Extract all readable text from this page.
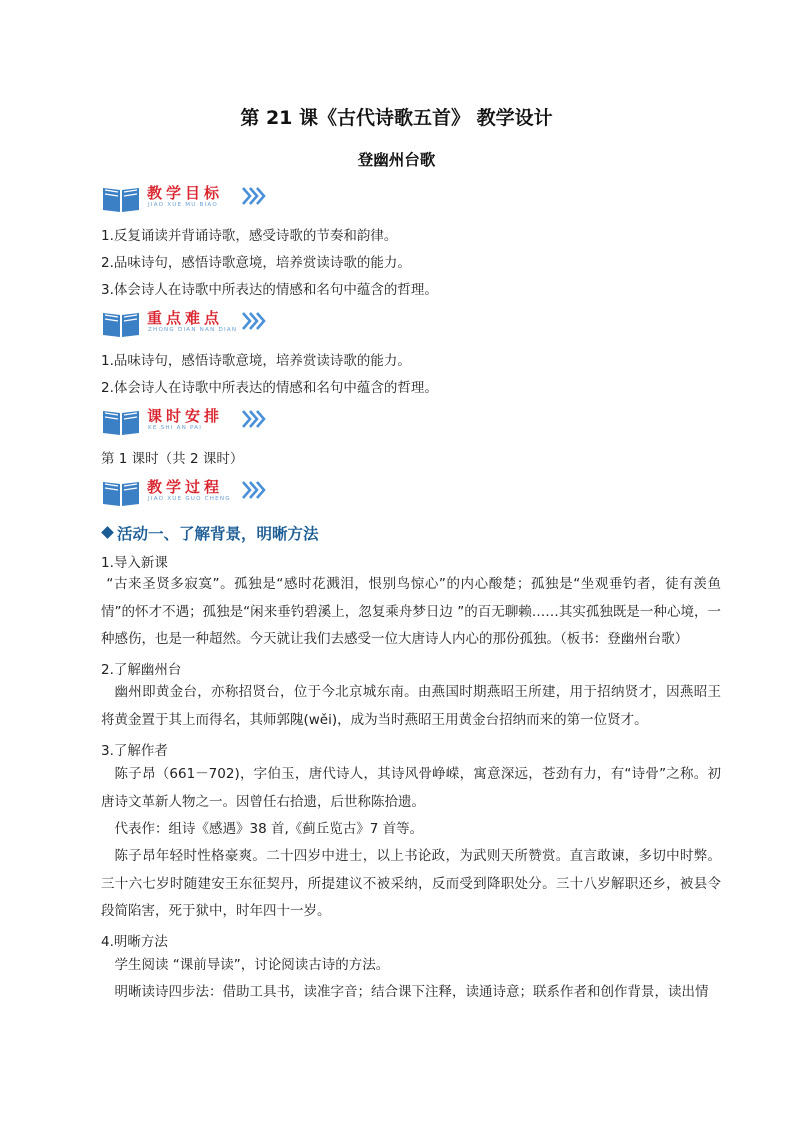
第 21 课《古代诗歌五首》 教学设计
登幽州台歌
教学目标
JIAO XUE MU BIAO
1.反复诵读并背诵诗歌，感受诗歌的节奏和韵律。
2.品味诗句，感悟诗歌意境，培养赏读诗歌的能力。
3.体会诗人在诗歌中所表达的情感和名句中蕴含的哲理。
重点难点
ZHONG DIAN NAN DIAN
1.品味诗句，感悟诗歌意境，培养赏读诗歌的能力。
2.体会诗人在诗歌中所表达的情感和名句中蕴含的哲理。
课时安排
KE SHI AN PAI
第 1 课时（共 2 课时）
教学过程
JIAO XUE GUO CHENG
活动一、了解背景，明晰方法
1.导入新课
“古来圣贤多寂寞”。孤独是“感时花溅泪，恨别鸟惊心”的内心酸楚；孤独是“坐观垂钓者，徒有羡鱼情”的怀才不遇；孤独是“闲来垂钓碧溪上，忽复乘舟梦日边 ”的百无聊赖……其实孤独既是一种心境，一种感伤，也是一种超然。今天就让我们去感受一位大唐诗人内心的那份孤独。（板书：登幽州台歌）
2.了解幽州台
幽州即黄金台，亦称招贤台，位于今北京城东南。由燕国时期燕昭王所建，用于招纳贤才，因燕昭王将黄金置于其上而得名，其师郭隗(wěi)，成为当时燕昭王用黄金台招纳而来的第一位贤才。
3.了解作者
陈子昂（661－702)，字伯玉，唐代诗人，其诗风骨峥嵘，寓意深远，苍劲有力，有“诗骨”之称。初唐诗文革新人物之一。因曾任右拾遗，后世称陈拾遗。
代表作：组诗《感遇》38 首,《蓟丘览古》7 首等。
陈子昂年轻时性格豪爽。二十四岁中进士，以上书论政，为武则天所赞赏。直言敢谏，多切中时弊。三十六七岁时随建安王东征契丹，所提建议不被采纳，反而受到降职处分。三十八岁解职还乡，被县令段简陷害，死于狱中，时年四十一岁。
4.明晰方法
学生阅读 “课前导读”，讨论阅读古诗的方法。
明晰读诗四步法：借助工具书，读准字音；结合课下注释，读通诗意；联系作者和创作背景，读出情
